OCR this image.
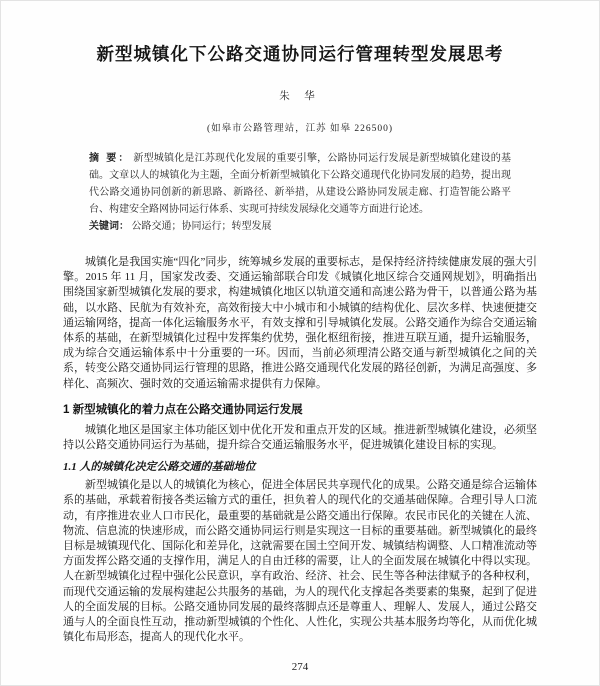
新型城镇化下公路交通协同运行管理转型发展思考
朱 华
(如皋市公路管理站，江苏 如皋 226500)
摘 要： 新型城镇化是江苏现代化发展的重要引擎，公路协同运行发展是新型城镇化建设的基础。文章以人的城镇化为主题，全面分析新型城镇化下公路交通现代化协同发展的趋势，提出现代公路交通协同创新的新思路、新路径、新举措，从建设公路协同发展走廊、打造智能公路平台、构建安全路网协同运行体系、实现可持续发展绿化交通等方面进行论述。
关键词： 公路交通；协同运行；转型发展

城镇化是我国实施“四化”同步，统筹城乡发展的重要标志，是保持经济持续健康发展的强大引擎。2015 年 11 月，国家发改委、交通运输部联合印发《城镇化地区综合交通网规划》，明确指出围绕国家新型城镇化发展的要求，构建城镇化地区以轨道交通和高速公路为骨干，以普通公路为基础，以水路、民航为有效补充，高效衔接大中小城市和小城镇的结构优化、层次多样、快速便捷交通运输网络，提高一体化运输服务水平，有效支撑和引导城镇化发展。公路交通作为综合交通运输体系的基础，在新型城镇化过程中发挥集约优势，强化枢纽衔接，推进互联互通，提升运输服务，成为综合交通运输体系中十分重要的一环。因而，当前必须理清公路交通与新型城镇化之间的关系，转变公路交通协同运行管理的思路，推进公路交通现代化发展的路径创新，为满足高强度、多样化、高频次、强时效的交通运输需求提供有力保障。

1 新型城镇化的着力点在公路交通协同运行发展

城镇化地区是国家主体功能区划中优化开发和重点开发的区域。推进新型城镇化建设，必须坚持以公路交通协同运行为基础，提升综合交通运输服务水平，促进城镇化建设目标的实现。

1.1 人的城镇化决定公路交通的基础地位

新型城镇化是以人的城镇化为核心，促进全体居民共享现代化的成果。公路交通是综合运输体系的基础，承载着衔接各类运输方式的重任，担负着人的现代化的交通基础保障。合理引导人口流动，有序推进农业人口市民化，最重要的基础就是公路交通出行保障。农民市民化的关键在人流、物流、信息流的快速形成，而公路交通协同运行则是实现这一目标的重要基础。新型城镇化的最终目标是城镇现代化、国际化和差异化，这就需要在国土空间开发、城镇结构调整、人口精准流动等方面发挥公路交通的支撑作用，满足人的自由迁移的需要，让人的全面发展在城镇化中得以实现。人在新型城镇化过程中强化公民意识，享有政治、经济、社会、民生等各种法律赋予的各种权利，而现代交通运输的发展构建起公共服务的基础，为人的现代化支撑起各类要素的集聚，起到了促进人的全面发展的目标。公路交通协同发展的最终落脚点还是尊重人、理解人、发展人，通过公路交通与人的全面良性互动，推动新型城镇的个性化、人性化，实现公共基本服务均等化，从而优化城镇化布局形态，提高人的现代化水平。

274
